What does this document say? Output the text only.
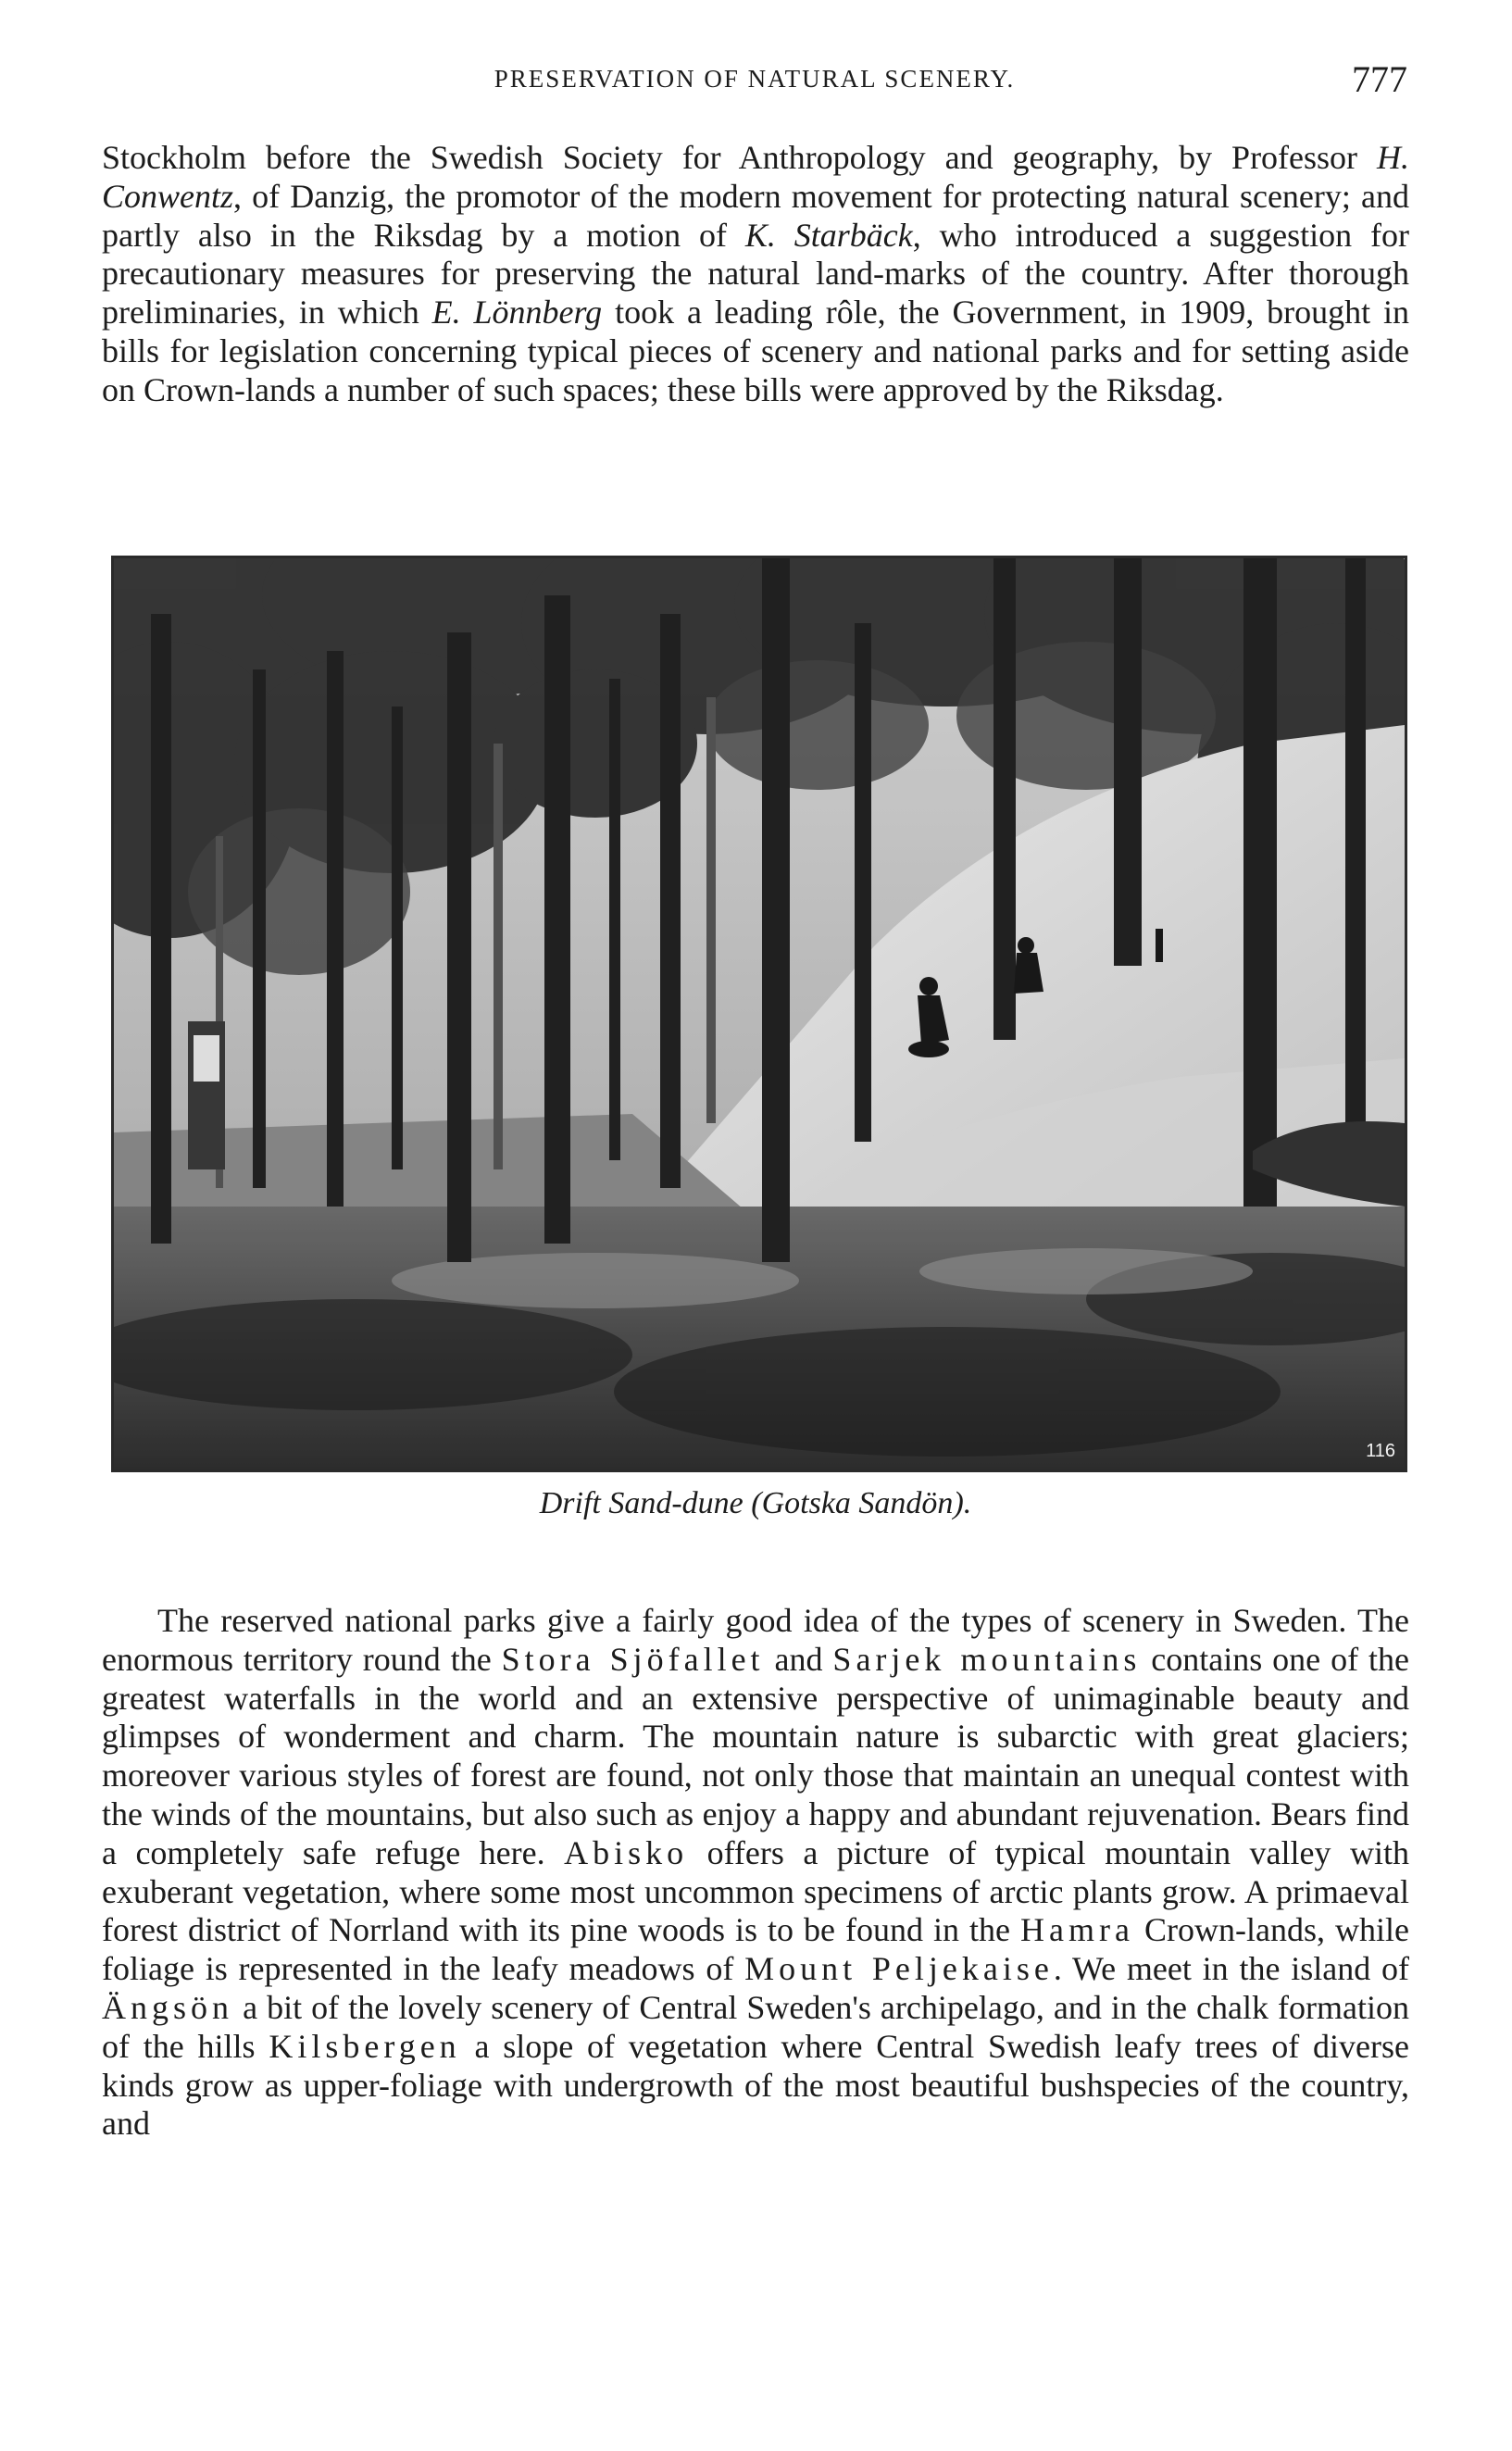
PRESERVATION OF NATURAL SCENERY.	777

Stockholm before the Swedish Society for Anthropology and geography, by Professor H. Conwentz, of Danzig, the promotor of the modern movement for protecting natural scenery; and partly also in the Riksdag by a motion of K. Starbäck, who introduced a suggestion for precautionary measures for preserving the natural land-marks of the country. After thorough preliminaries, in which E. Lönnberg took a leading rôle, the Government, in 1909, brought in bills for legislation concerning typical pieces of scenery and national parks and for setting aside on Crown-lands a number of such spaces; these bills were approved by the Riksdag.

116
Drift Sand-dune (Gotska Sandön).

The reserved national parks give a fairly good idea of the types of scenery in Sweden. The enormous territory round the Stora Sjöfallet and Sarjek mountains contains one of the greatest waterfalls in the world and an extensive perspective of unimaginable beauty and glimpses of wonderment and charm. The mountain nature is subarctic with great glaciers; moreover various styles of forest are found, not only those that maintain an unequal contest with the winds of the mountains, but also such as enjoy a happy and abundant rejuvenation. Bears find a completely safe refuge here. Abisko offers a picture of typical mountain valley with exuberant vegetation, where some most uncommon specimens of arctic plants grow. A primaeval forest district of Norrland with its pine woods is to be found in the Hamra Crown-lands, while foliage is represented in the leafy meadows of Mount Peljekaise. We meet in the island of Ängsön a bit of the lovely scenery of Central Sweden's archipelago, and in the chalk formation of the hills Kilsbergen a slope of vegetation where Central Swedish leafy trees of diverse kinds grow as upper-foliage with undergrowth of the most beautiful bushspecies of the country, and
